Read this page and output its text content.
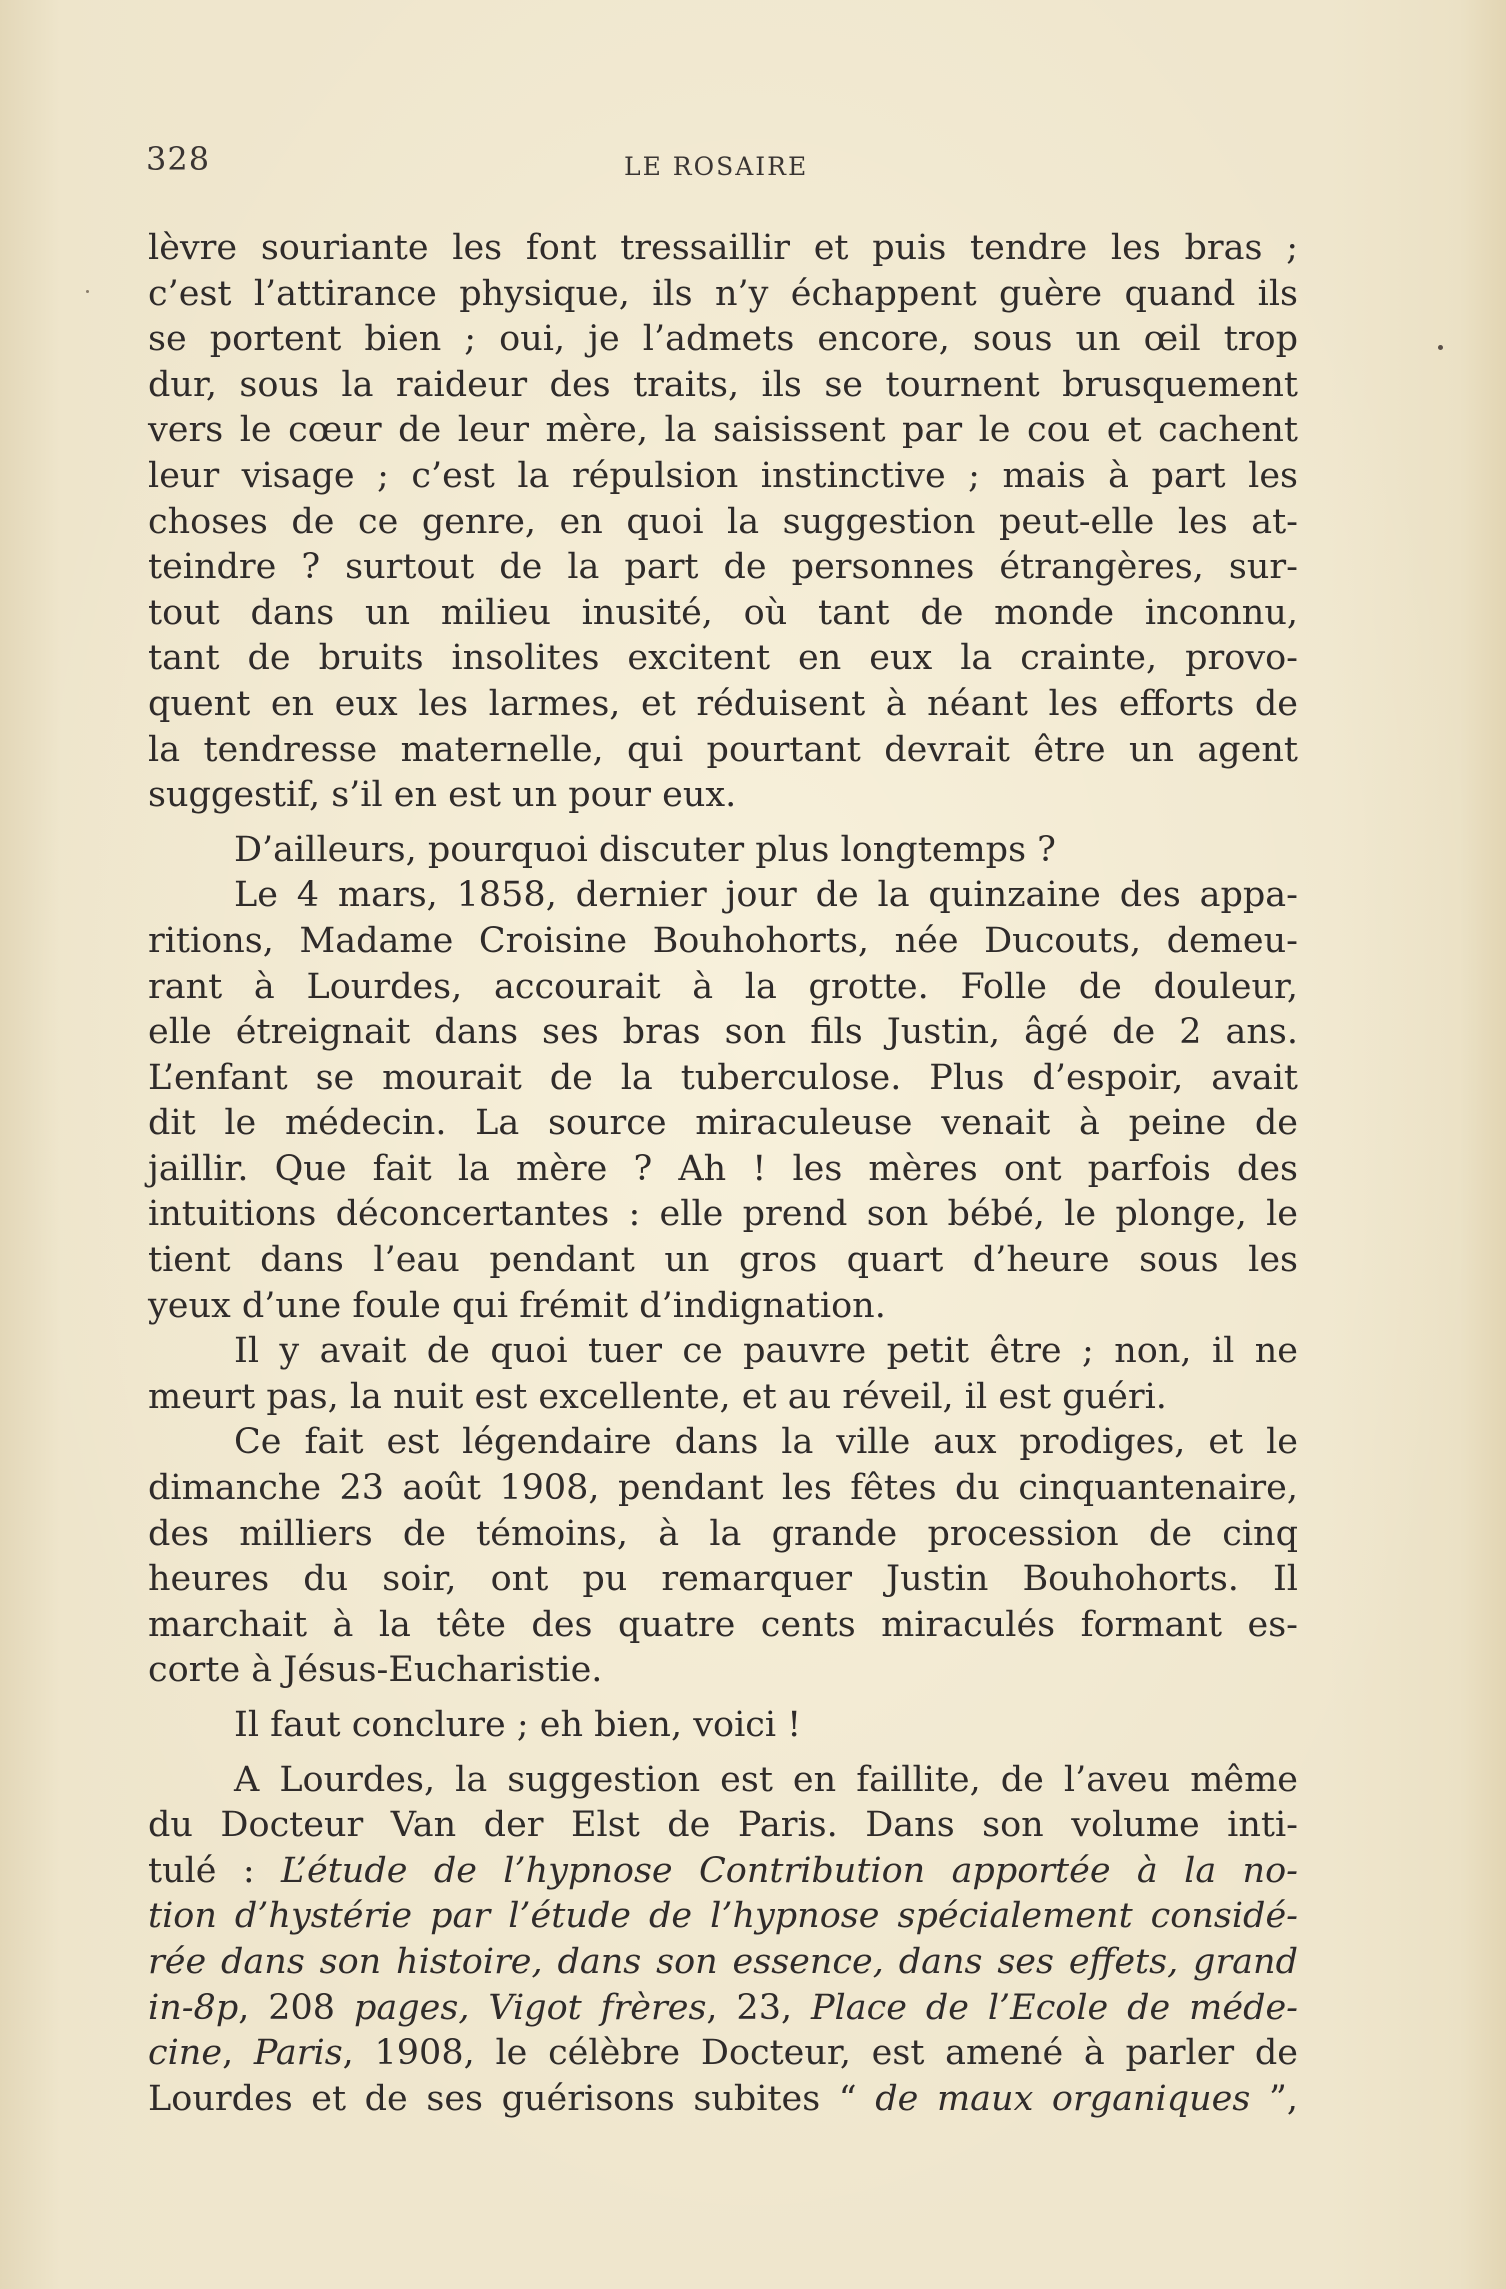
328	LE ROSAIRE
lèvre souriante les font tressaillir et puis tendre les bras ;
c’est l’attirance physique, ils n’y échappent guère quand ils
se portent bien ; oui, je l’admets encore, sous un œil trop
dur, sous la raideur des traits, ils se tournent brusquement
vers le cœur de leur mère, la saisissent par le cou et cachent
leur visage ; c’est la répulsion instinctive ; mais à part les
choses de ce genre, en quoi la suggestion peut-elle les at-
teindre ? surtout de la part de personnes étrangères, sur-
tout dans un milieu inusité, où tant de monde inconnu,
tant de bruits insolites excitent en eux la crainte, provo-
quent en eux les larmes, et réduisent à néant les efforts de
la tendresse maternelle, qui pourtant devrait être un agent
suggestif, s’il en est un pour eux.
D’ailleurs, pourquoi discuter plus longtemps ?
Le 4 mars, 1858, dernier jour de la quinzaine des appa-
ritions, Madame Croisine Bouhohorts, née Ducouts, demeu-
rant à Lourdes, accourait à la grotte. Folle de douleur,
elle étreignait dans ses bras son fils Justin, âgé de 2 ans.
L’enfant se mourait de la tuberculose. Plus d’espoir, avait
dit le médecin. La source miraculeuse venait à peine de
jaillir. Que fait la mère ? Ah ! les mères ont parfois des
intuitions déconcertantes : elle prend son bébé, le plonge, le
tient dans l’eau pendant un gros quart d’heure sous les
yeux d’une foule qui frémit d’indignation.
Il y avait de quoi tuer ce pauvre petit être ; non, il ne
meurt pas, la nuit est excellente, et au réveil, il est guéri.
Ce fait est légendaire dans la ville aux prodiges, et le
dimanche 23 août 1908, pendant les fêtes du cinquantenaire,
des milliers de témoins, à la grande procession de cinq
heures du soir, ont pu remarquer Justin Bouhohorts. Il
marchait à la tête des quatre cents miraculés formant es-
corte à Jésus-Eucharistie.
Il faut conclure ; eh bien, voici !
A Lourdes, la suggestion est en faillite, de l’aveu même
du Docteur Van der Elst de Paris. Dans son volume inti-
tulé : L’étude de l’hypnose Contribution apportée à la no-
tion d’hystérie par l’étude de l’hypnose spécialement considé-
rée dans son histoire, dans son essence, dans ses effets, grand
in-8p, 208 pages, Vigot frères, 23, Place de l’Ecole de méde-
cine, Paris, 1908, le célèbre Docteur, est amené à parler de
Lourdes et de ses guérisons subites “ de maux organiques ”,
